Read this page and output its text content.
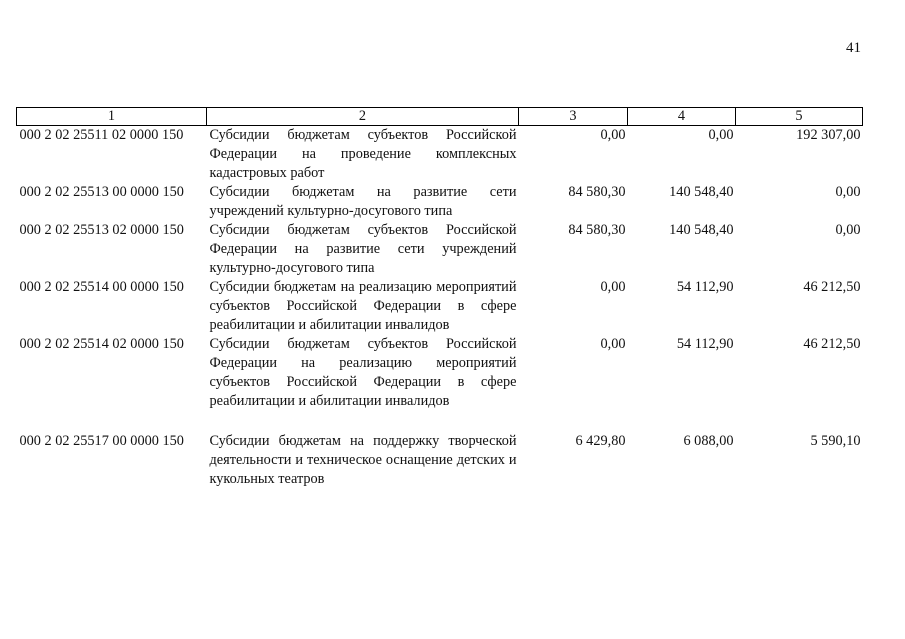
41
1	2	3	4	5
000 2 02 25511 02 0000 150	Субсидии бюджетам субъектов Российской Федерации на проведение комплексных кадастровых работ	0,00	0,00	192 307,00
000 2 02 25513 00 0000 150	Субсидии бюджетам на развитие сети учреждений культурно-досугового типа	84 580,30	140 548,40	0,00
000 2 02 25513 02 0000 150	Субсидии бюджетам субъектов Российской Федерации на развитие сети учреждений культурно-досугового типа	84 580,30	140 548,40	0,00
000 2 02 25514 00 0000 150	Субсидии бюджетам на реализацию мероприятий субъектов Российской Федерации в сфере реабилитации и абилитации инвалидов	0,00	54 112,90	46 212,50
000 2 02 25514 02 0000 150	Субсидии бюджетам субъектов Российской Федерации на реализацию мероприятий субъектов Российской Федерации в сфере реабилитации и абилитации инвалидов	0,00	54 112,90	46 212,50
000 2 02 25517 00 0000 150	Субсидии бюджетам на поддержку творческой деятельности и техническое оснащение детских и кукольных театров	6 429,80	6 088,00	5 590,10
